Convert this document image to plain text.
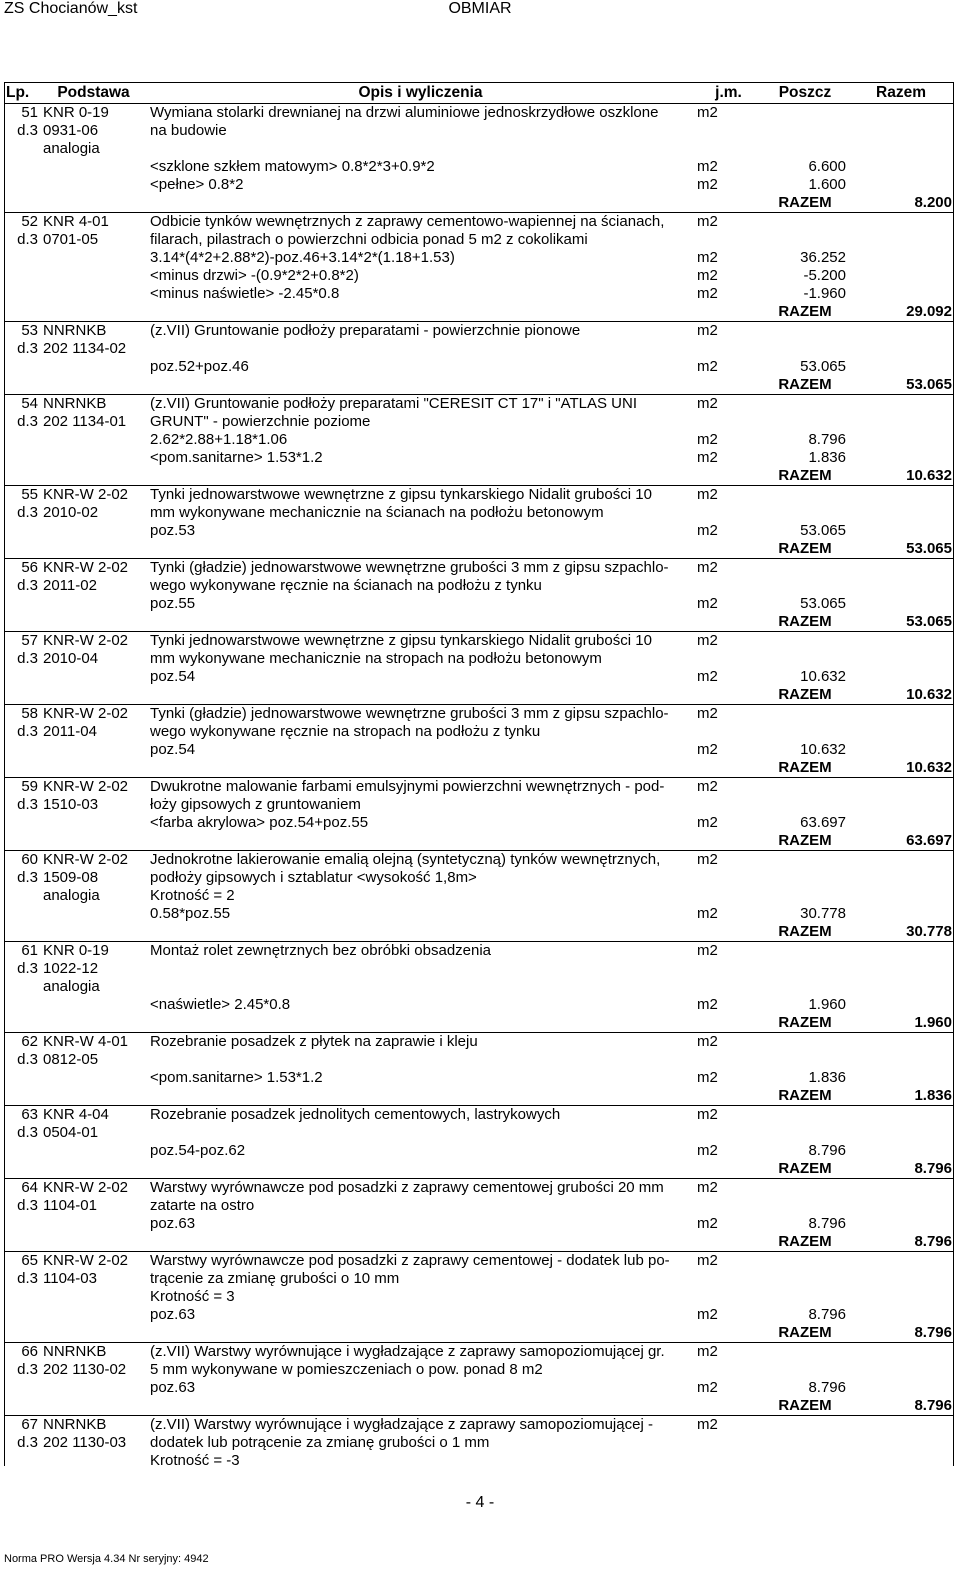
ZS Chocianów_kst	OBMIAR
Lp.	Podstawa	Opis i wyliczenia	j.m.	Poszcz	Razem
51	KNR 0-19	Wymiana stolarki drewnianej na drzwi aluminiowe jednoskrzydłowe oszklone	m2		
d.3	0931-06	na budowie			
	analogia				
		<szklone szkłem matowym> 0.8*2*3+0.9*2	m2	6.600	
		<pełne> 0.8*2	m2	1.600	
				RAZEM	8.200
52	KNR 4-01	Odbicie tynków wewnętrznych z zaprawy cementowo-wapiennej na ścianach,	m2		
d.3	0701-05	filarach, pilastrach o powierzchni odbicia ponad 5 m2 z cokolikami			
		3.14*(4*2+2.88*2)-poz.46+3.14*2*(1.18+1.53)	m2	36.252	
		<minus drzwi> -(0.9*2*2+0.8*2)	m2	-5.200	
		<minus naświetle> -2.45*0.8	m2	-1.960	
				RAZEM	29.092
53	NNRNKB	(z.VII) Gruntowanie podłoży preparatami - powierzchnie pionowe	m2		
d.3	202 1134-02				
		poz.52+poz.46	m2	53.065	
				RAZEM	53.065
54	NNRNKB	(z.VII) Gruntowanie podłoży preparatami "CERESIT CT 17" i "ATLAS UNI	m2		
d.3	202 1134-01	GRUNT" - powierzchnie poziome			
		2.62*2.88+1.18*1.06	m2	8.796	
		<pom.sanitarne> 1.53*1.2	m2	1.836	
				RAZEM	10.632
55	KNR-W 2-02	Tynki jednowarstwowe wewnętrzne z gipsu tynkarskiego Nidalit grubości 10	m2		
d.3	2010-02	mm wykonywane mechanicznie na ścianach na podłożu betonowym			
		poz.53	m2	53.065	
				RAZEM	53.065
56	KNR-W 2-02	Tynki (gładzie) jednowarstwowe wewnętrzne grubości 3 mm z gipsu szpachlo-	m2		
d.3	2011-02	wego wykonywane ręcznie na ścianach na podłożu z tynku			
		poz.55	m2	53.065	
				RAZEM	53.065
57	KNR-W 2-02	Tynki jednowarstwowe wewnętrzne z gipsu tynkarskiego Nidalit grubości 10	m2		
d.3	2010-04	mm wykonywane mechanicznie na stropach na podłożu betonowym			
		poz.54	m2	10.632	
				RAZEM	10.632
58	KNR-W 2-02	Tynki (gładzie) jednowarstwowe wewnętrzne grubości 3 mm z gipsu szpachlo-	m2		
d.3	2011-04	wego wykonywane ręcznie na stropach na podłożu z tynku			
		poz.54	m2	10.632	
				RAZEM	10.632
59	KNR-W 2-02	Dwukrotne malowanie farbami emulsyjnymi powierzchni wewnętrznych - pod-	m2		
d.3	1510-03	łoży gipsowych z gruntowaniem			
		<farba akrylowa> poz.54+poz.55	m2	63.697	
				RAZEM	63.697
60	KNR-W 2-02	Jednokrotne lakierowanie emalią olejną (syntetyczną) tynków wewnętrznych,	m2		
d.3	1509-08	podłoży gipsowych i sztablatur <wysokość 1,8m>			
	analogia	Krotność = 2			
		0.58*poz.55	m2	30.778	
				RAZEM	30.778
61	KNR 0-19	Montaż rolet zewnętrznych bez obróbki obsadzenia	m2		
d.3	1022-12				
	analogia				
		<naświetle> 2.45*0.8	m2	1.960	
				RAZEM	1.960
62	KNR-W 4-01	Rozebranie posadzek z płytek na zaprawie i kleju	m2		
d.3	0812-05				
		<pom.sanitarne> 1.53*1.2	m2	1.836	
				RAZEM	1.836
63	KNR 4-04	Rozebranie posadzek jednolitych cementowych, lastrykowych	m2		
d.3	0504-01				
		poz.54-poz.62	m2	8.796	
				RAZEM	8.796
64	KNR-W 2-02	Warstwy wyrównawcze pod posadzki z zaprawy cementowej grubości 20 mm	m2		
d.3	1104-01	zatarte na ostro			
		poz.63	m2	8.796	
				RAZEM	8.796
65	KNR-W 2-02	Warstwy wyrównawcze pod posadzki z zaprawy cementowej - dodatek lub po-	m2		
d.3	1104-03	trącenie za zmianę grubości o 10 mm			
		Krotność = 3			
		poz.63	m2	8.796	
				RAZEM	8.796
66	NNRNKB	(z.VII) Warstwy wyrównujące i wygładzające z zaprawy samopoziomującej gr.	m2		
d.3	202 1130-02	5 mm wykonywane w pomieszczeniach o pow. ponad 8 m2			
		poz.63	m2	8.796	
				RAZEM	8.796
67	NNRNKB	(z.VII) Warstwy wyrównujące i wygładzające z zaprawy samopoziomującej -	m2		
d.3	202 1130-03	dodatek lub potrącenie za zmianę grubości o 1 mm			
		Krotność = -3			
- 4 -
Norma PRO Wersja 4.34 Nr seryjny: 4942
